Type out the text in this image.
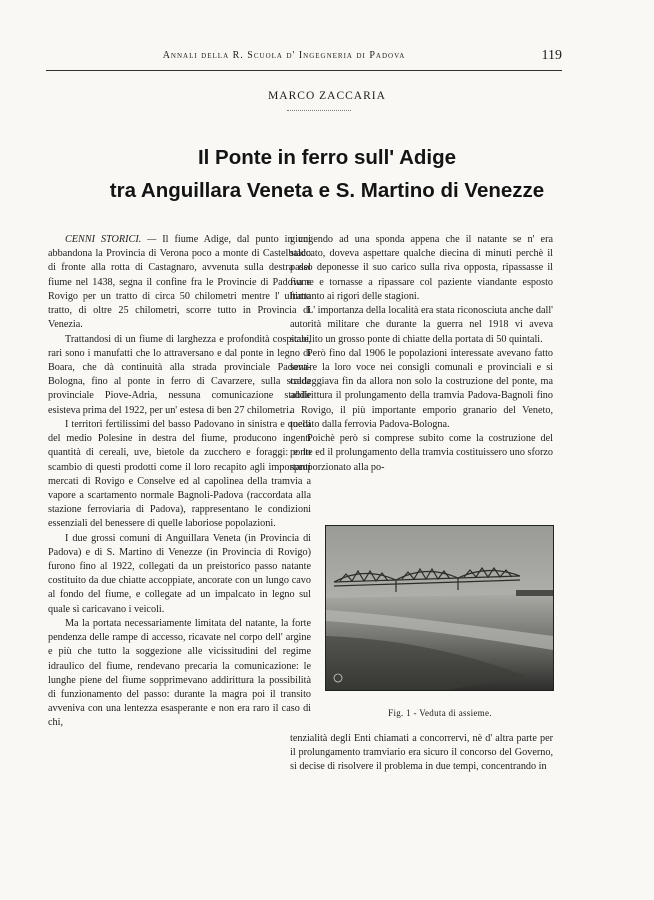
Annali della R. Scuola d' Ingegneria di Padova	119
MARCO ZACCARIA
Il Ponte in ferro sull' Adige
tra Anguillara Veneta e S. Martino di Venezze

CENNI STORICI. — Il fiume Adige, dal punto in cui abbandona la Provincia di Verona poco a monte di Castelbaldo di fronte alla rotta di Castagnaro, avvenuta sulla destra del fiume nel 1438, segna il confine fra le Provincie di Padova e Rovigo per un tratto di circa 50 chilometri mentre l' ultimo tratto, di oltre 25 chilometri, scorre tutto in Provincia di Venezia.

Trattandosi di un fiume di larghezza e profondità cospicue, rari sono i manufatti che lo attraversano e dal ponte in legno di Boara, che dà continuità alla strada provinciale Padova-Bologna, fino al ponte in ferro di Cavarzere, sulla strada provinciale Piove-Adria, nessuna comunicazione stabile esisteva prima del 1922, per un' estesa di ben 27 chilometri.

I territori fertilissimi del basso Padovano in sinistra e quelli del medio Polesine in destra del fiume, producono ingenti quantità di cereali, uve, bietole da zucchero e foraggi: e lo scambio di questi prodotti come il loro recapito agli importanti mercati di Rovigo e Conselve ed al capolinea della tramvia a vapore a scartamento normale Bagnoli-Padova (raccordata alla stazione ferroviaria di Padova), rappresentano le condizioni essenziali del benessere di quelle laboriose popolazioni.

I due grossi comuni di Anguillara Veneta (in Provincia di Padova) e di S. Martino di Venezze (in Provincia di Rovigo) furono fino al 1922, collegati da un preistorico passo natante costituito da due chiatte accoppiate, ancorate con un lungo cavo al fondo del fiume, e collegate ad un impalcato in legno sul quale si caricavano i veicoli.

Ma la portata necessariamente limitata del natante, la forte pendenza delle rampe di accesso, ricavate nel corpo dell' argine e più che tutto la soggezione alle vicissitudini del regime idraulico del fiume, rendevano precaria la comunicazione: le lunghe piene del fiume sopprimevano addirittura la possibilità di funzionamento del passo: durante la magra poi il transito avveniva con una lentezza esasperante e non era raro il caso di chi,

giungendo ad una sponda appena che il natante se n' era staccato, doveva aspettare qualche diecina di minuti perchè il passo deponesse il suo carico sulla riva opposta, ripassasse il fiume e tornasse a ripassare col paziente viandante esposto frattanto ai rigori delle stagioni.

L' importanza della località era stata riconosciuta anche dall' autorità militare che durante la guerra nel 1918 vi aveva stabilito un grosso ponte di chiatte della portata di 50 quintali.

Però fino dal 1906 le popolazioni interessate avevano fatto sentire la loro voce nei consigli comunali e provinciali e si caldeggiava fin da allora non solo la costruzione del ponte, ma addirittura il prolungamento della tramvia Padova-Bagnoli fino a Rovigo, il più importante emporio granario del Veneto, toccato dalla ferrovia Padova-Bologna.

Poichè però si comprese subito come la costruzione del ponte ed il prolungamento della tramvia costituissero uno sforzo sproporzionato alla po-

Fig. 1 - Veduta di assieme.

tenzialità degli Enti chiamati a concorrervi, nè d' altra parte per il prolungamento tramviario era sicuro il concorso del Governo, si decise di risolvere il problema in due tempi, concentrando in
